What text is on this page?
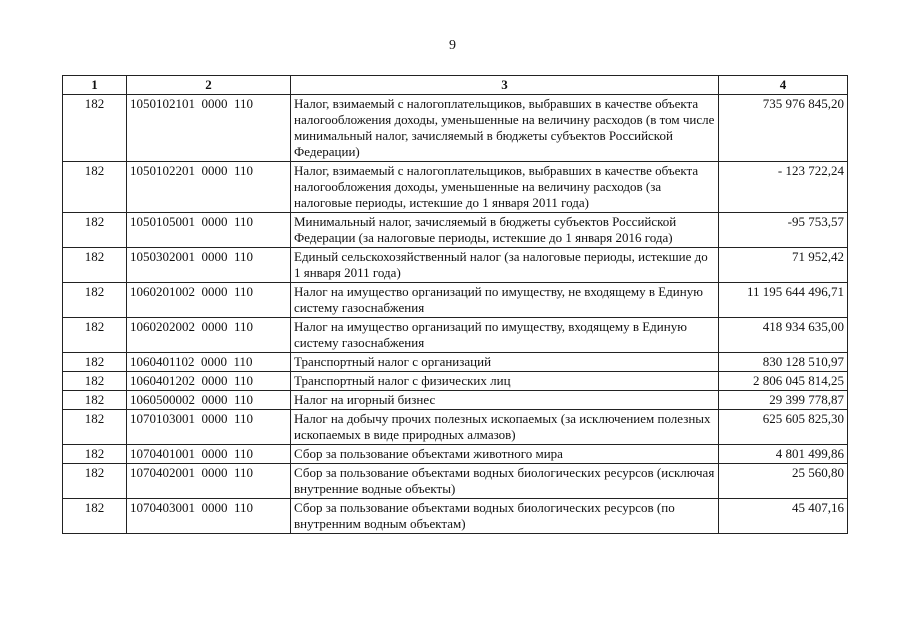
9
1	2	3	4
182	1050102101  0000  110	Налог, взимаемый с налогоплательщиков, выбравших в качестве объекта налогообложения доходы, уменьшенные на величину расходов (в том числе минимальный налог, зачисляемый в бюджеты субъектов Российской Федерации)	735 976 845,20
182	1050102201  0000  110	Налог, взимаемый с налогоплательщиков, выбравших в качестве объекта налогообложения доходы, уменьшенные на величину расходов (за налоговые периоды, истекшие до 1 января 2011 года)	- 123 722,24
182	1050105001  0000  110	Минимальный налог, зачисляемый в бюджеты субъектов Российской Федерации (за налоговые периоды, истекшие до 1 января 2016 года)	-95 753,57
182	1050302001  0000  110	Единый сельскохозяйственный налог (за налоговые периоды, истекшие до 1 января 2011 года)	71 952,42
182	1060201002  0000  110	Налог на имущество организаций по имуществу, не входящему в Единую систему газоснабжения	11 195 644 496,71
182	1060202002  0000  110	Налог на имущество организаций по имуществу, входящему в Единую систему газоснабжения	418 934 635,00
182	1060401102  0000  110	Транспортный налог с организаций	830 128 510,97
182	1060401202  0000  110	Транспортный налог с физических лиц	2 806 045 814,25
182	1060500002  0000  110	Налог на игорный бизнес	29 399 778,87
182	1070103001  0000  110	Налог на добычу прочих полезных ископаемых (за исключением полезных ископаемых в виде природных алмазов)	625 605 825,30
182	1070401001  0000  110	Сбор за пользование объектами животного мира	4 801 499,86
182	1070402001  0000  110	Сбор за пользование объектами водных биологических ресурсов (исключая внутренние водные объекты)	25 560,80
182	1070403001  0000  110	Сбор за пользование объектами водных биологических ресурсов (по внутренним водным объектам)	45 407,16
